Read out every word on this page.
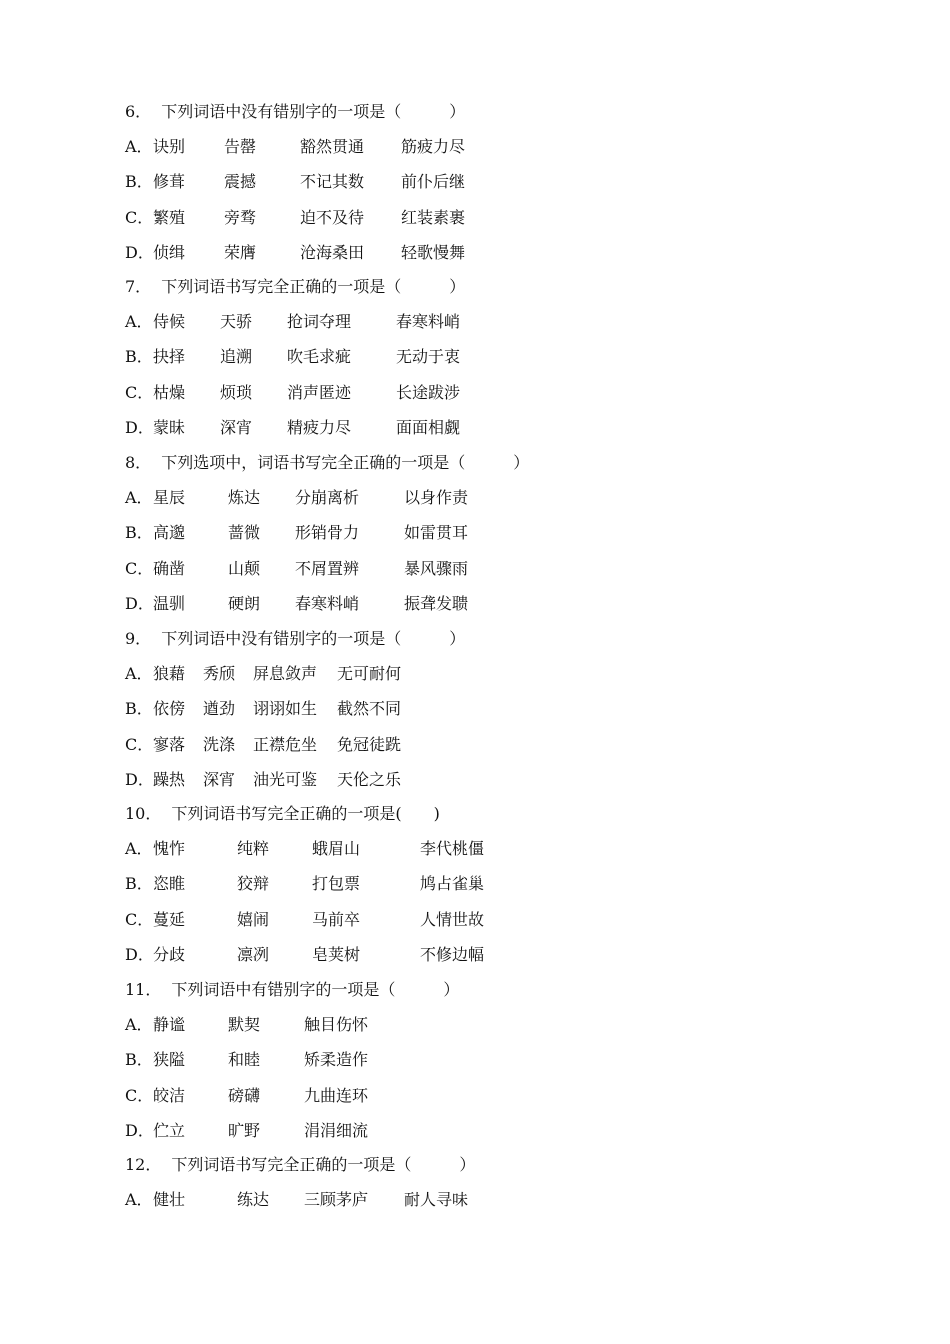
6． 下列词语中没有错别字的一项是（　　　）
A． 诀别 告罄	豁然贯通 筋疲力尽
B． 修葺 震撼	不记其数 前仆后继
C． 繁殖 旁骛	迫不及待 红装素裹
D． 侦缉 荣膺	沧海桑田 轻歌慢舞
7． 下列词语书写完全正确的一项是（　　　）
A． 侍候 天骄 抢词夺理	春寒料峭
B． 抉择 追溯 吹毛求疵	无动于衷
C． 枯燥 烦琐 消声匿迹	长途跋涉
D． 蒙昧 深宵 精疲力尽	面面相觑
8． 下列选项中，词语书写完全正确的一项是（　　　）
A． 星辰	炼达 分崩离析	以身作责
B． 高邈	蔷微 形销骨力	如雷贯耳
C． 确凿	山颠 不屑置辨	暴风骤雨
D． 温驯	硬朗 春寒料峭	振聋发聩
9． 下列词语中没有错别字的一项是（　　　）
A． 狼藉 秀颀 屏息敛声 无可耐何
B． 依傍 遒劲 诩诩如生 截然不同
C． 寥落 洗涤 正襟危坐 免冠徒跣
D． 躁热 深宵 油光可鉴 天伦之乐
10． 下列词语书写完全正确的一项是(　　)
A． 愧怍	纯粹	蛾眉山	李代桃僵
B． 恣睢	狡辩	打包票	鸠占雀巢
C． 蔓延	嬉闹	马前卒	人情世故
D． 分歧	凛冽	皂荚树	不修边幅
11． 下列词语中有错别字的一项是（　　　）
A． 静谧	默契	触目伤怀
B． 狭隘	和睦	矫柔造作
C． 皎洁	磅礴	九曲连环
D． 伫立	旷野	涓涓细流
12． 下列词语书写完全正确的一项是（　　　）
A． 健壮	练达 三顾茅庐 耐人寻味
